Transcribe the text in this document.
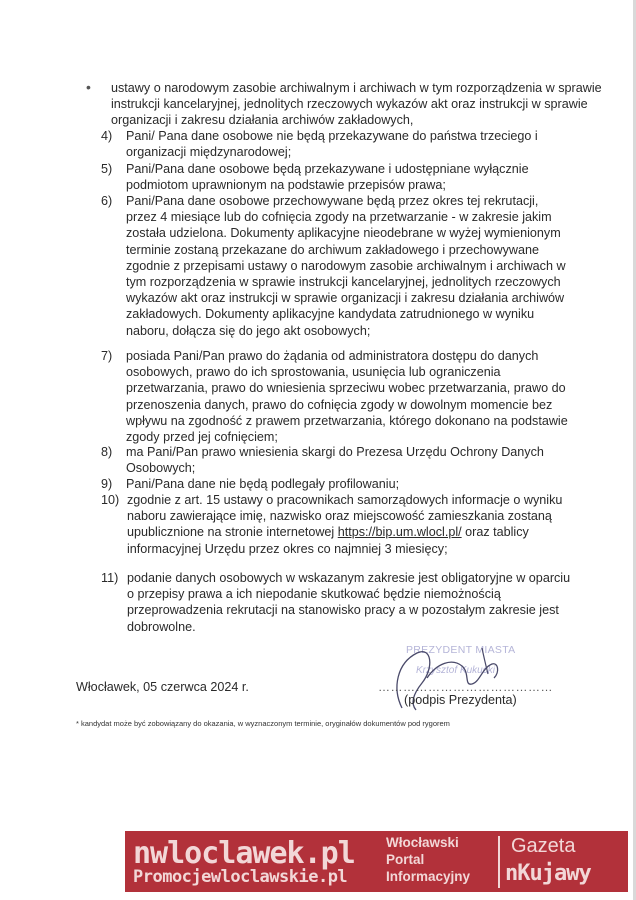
• ustawy o narodowym zasobie archiwalnym i archiwach w tym rozporządzenia w sprawie instrukcji kancelaryjnej, jednolitych rzeczowych wykazów akt oraz instrukcji w sprawie organizacji i zakresu działania archiwów zakładowych,
4) Pani/ Pana dane osobowe nie będą przekazywane do państwa trzeciego i organizacji międzynarodowej;
5) Pani/Pana dane osobowe będą przekazywane i udostępniane wyłącznie podmiotom uprawnionym na podstawie przepisów prawa;
6) Pani/Pana dane osobowe przechowywane będą przez okres tej rekrutacji, przez 4 miesiące lub do cofnięcia zgody na przetwarzanie - w zakresie jakim została udzielona. Dokumenty aplikacyjne nieodebrane w wyżej wymienionym terminie zostaną przekazane do archiwum zakładowego i przechowywane zgodnie z przepisami ustawy o narodowym zasobie archiwalnym i archiwach w tym rozporządzenia w sprawie instrukcji kancelaryjnej, jednolitych rzeczowych wykazów akt oraz instrukcji w sprawie organizacji i zakresu działania archiwów zakładowych. Dokumenty aplikacyjne kandydata zatrudnionego w wyniku naboru, dołącza się do jego akt osobowych;
7) posiada Pani/Pan prawo do żądania od administratora dostępu do danych osobowych, prawo do ich sprostowania, usunięcia lub ograniczenia przetwarzania, prawo do wniesienia sprzeciwu wobec przetwarzania, prawo do przenoszenia danych, prawo do cofnięcia zgody w dowolnym momencie bez wpływu na zgodność z prawem przetwarzania, którego dokonano na podstawie zgody przed jej cofnięciem;
8) ma Pani/Pan prawo wniesienia skargi do Prezesa Urzędu Ochrony Danych Osobowych;
9) Pani/Pana dane nie będą podlegały profilowaniu;
10) zgodnie z art. 15 ustawy o pracownikach samorządowych informacje o wyniku naboru zawierające imię, nazwisko oraz miejscowość zamieszkania zostaną upublicznione na stronie internetowej https://bip.um.wlocl.pl/ oraz tablicy informacyjnej Urzędu przez okres co najmniej 3 miesięcy;
11) podanie danych osobowych w wskazanym zakresie jest obligatoryjne w oparciu o przepisy prawa a ich niepodanie skutkować będzie niemożnością przeprowadzenia rekrutacji na stanowisko pracy a w pozostałym zakresie jest dobrowolne.
PREZYDENT MIASTA
Krzysztof Kukucki
Włocławek, 05 czerwca 2024 r.	……………………………………
(podpis Prezydenta)
* kandydat może być zobowiązany do okazania, w wyznaczonym terminie, oryginałów dokumentów pod rygorem
nwloclawek.pl
Promocjewloclawskie.pl
Włocławski
Portal
Informacyjny
Gazeta
nKujawy
